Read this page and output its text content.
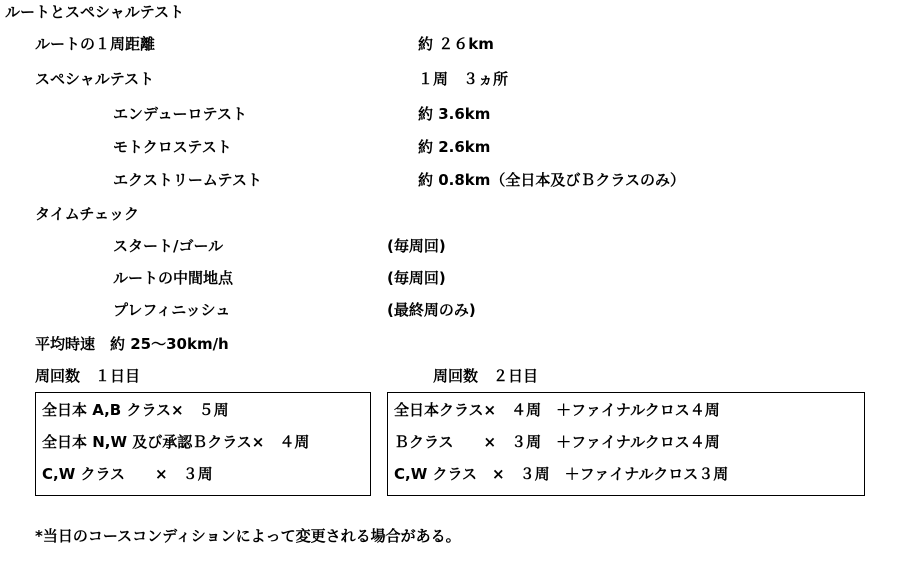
ルートとスペシャルテスト
ルートの１周距離	約 ２６km
スペシャルテスト	１周　３ヵ所
エンデューロテスト	約 3.6km
モトクロステスト	約 2.6km
エクストリームテスト	約 0.8km（全日本及びＢクラスのみ）
タイムチェック
スタート/ゴール	(毎周回)
ルートの中間地点	(毎周回)
プレフィニッシュ	(最終周のみ)
平均時速　約 25～30km/h
周回数　１日目	周回数　２日目
全日本 A,B クラス×　５周
全日本 N,W 及び承認Ｂクラス×　４周
C,W クラス　　×　３周
全日本クラス×　４周　＋ファイナルクロス４周
Ｂクラス　　×　３周　＋ファイナルクロス４周
C,W クラス　×　３周　＋ファイナルクロス３周
*当日のコースコンディションによって変更される場合がある。
